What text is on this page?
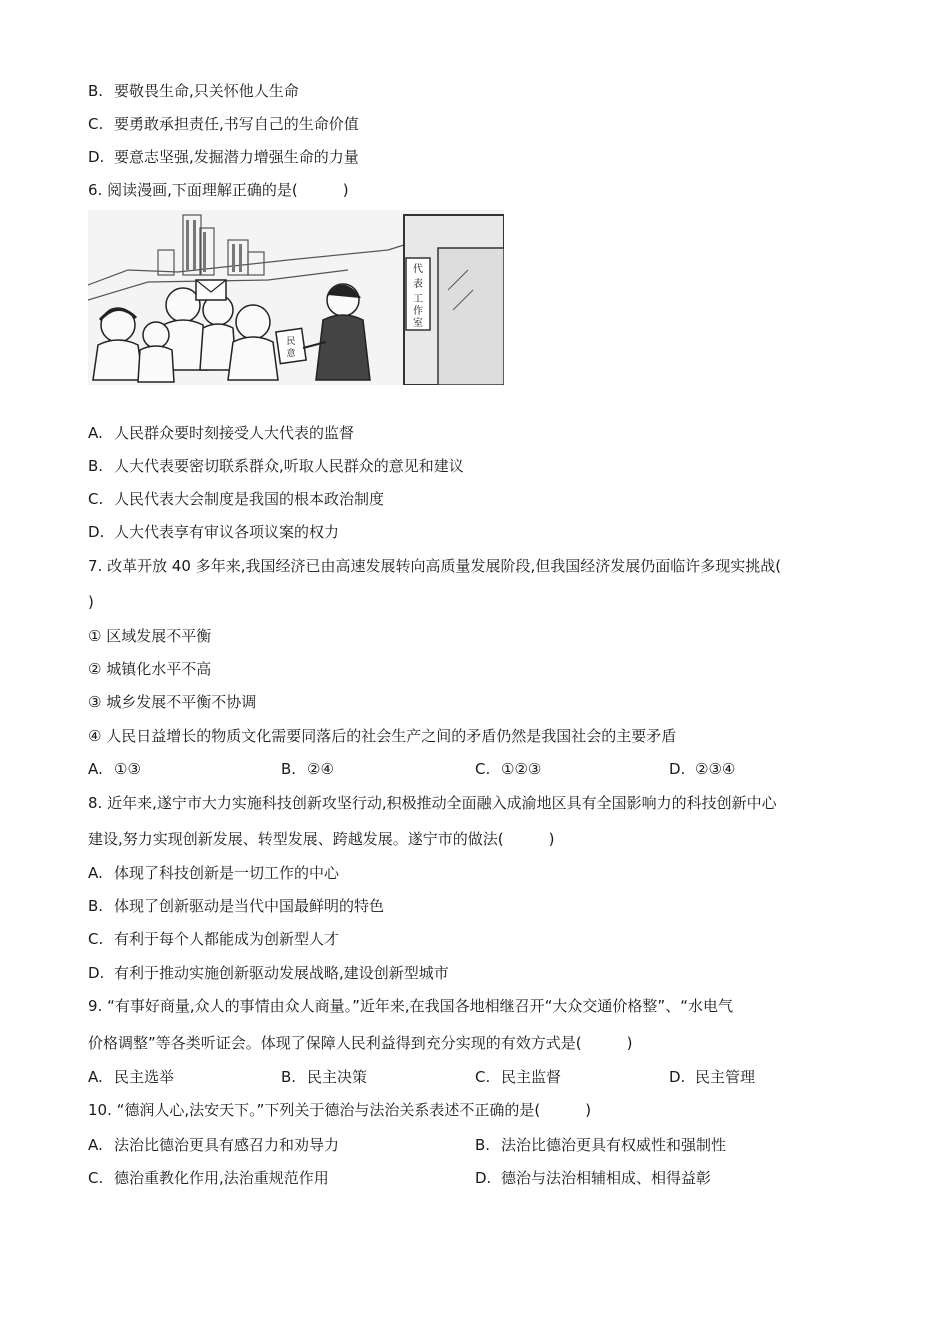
B. 要敬畏生命,只关怀他人生命
C. 要勇敢承担责任,书写自己的生命价值
D. 要意志坚强,发掘潜力增强生命的力量
6. 阅读漫画,下面理解正确的是(　　　)
代
表
工
作
室
民
意
A. 人民群众要时刻接受人大代表的监督
B. 人大代表要密切联系群众,听取人民群众的意见和建议
C. 人民代表大会制度是我国的根本政治制度
D. 人大代表享有审议各项议案的权力
7. 改革开放 40 多年来,我国经济已由高速发展转向高质量发展阶段,但我国经济发展仍面临许多现实挑战(
)
① 区域发展不平衡
② 城镇化水平不高
③ 城乡发展不平衡不协调
④ 人民日益增长的物质文化需要同落后的社会生产之间的矛盾仍然是我国社会的主要矛盾
A. ①③	B. ②④	C. ①②③	D. ②③④
8. 近年来,遂宁市大力实施科技创新攻坚行动,积极推动全面融入成渝地区具有全国影响力的科技创新中心
建设,努力实现创新发展、转型发展、跨越发展。遂宁市的做法(　　　)
A. 体现了科技创新是一切工作的中心
B. 体现了创新驱动是当代中国最鲜明的特色
C. 有利于每个人都能成为创新型人才
D. 有利于推动实施创新驱动发展战略,建设创新型城市
9. “有事好商量,众人的事情由众人商量。”近年来,在我国各地相继召开“大众交通价格整”、“水电气
价格调整”等各类听证会。体现了保障人民利益得到充分实现的有效方式是(　　　)
A. 民主选举	B. 民主决策	C. 民主监督	D. 民主管理
10. “德润人心,法安天下。”下列关于德治与法治关系表述不正确的是(　　　)
A. 法治比德治更具有感召力和劝导力	B. 法治比德治更具有权威性和强制性
C. 德治重教化作用,法治重规范作用	D. 德治与法治相辅相成、相得益彰
